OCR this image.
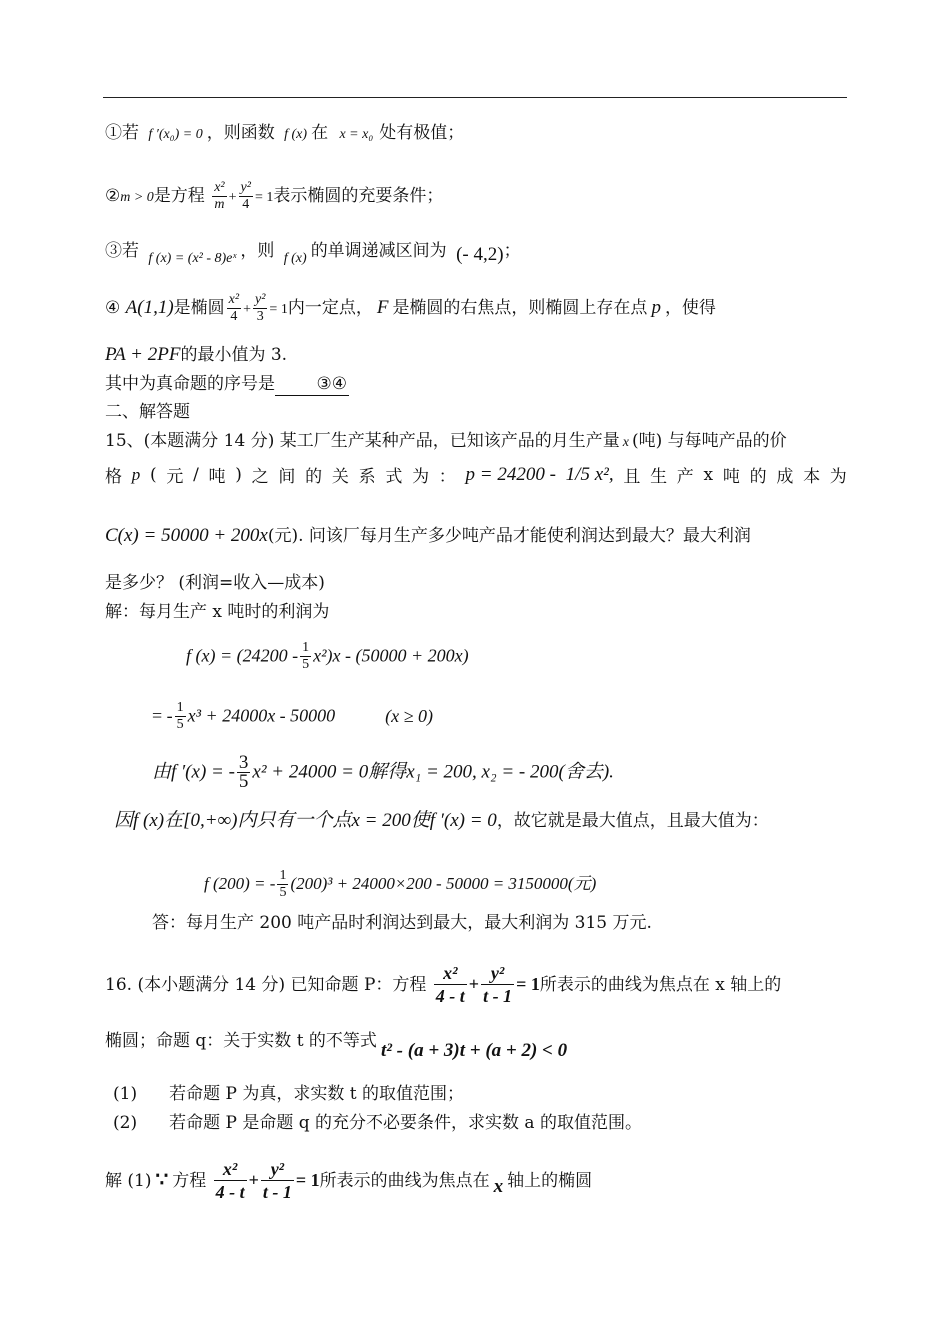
①若 f ′(x₀) = 0 ，则函数 f (x) 在 x = x₀ 处有极值；
②m > 0是方程 $\frac{\text{x²}}{m} + \frac{\text{y²}}{4} = 1$表示椭圆的充要条件；
③若 $_{f (x) = (x^2 - 8)eˣ}$ ，则 $_{f (x)}$ 的单调递减区间为 (- 4,2)；
④ A(1,1)是椭圆 $\frac{\text{x²}}{4} + \frac{\text{y²}}{3} = 1$内一定点， F 是椭圆的右焦点，则椭圆上存在点 p ，使得
PA + 2PF的最小值为 3.
其中为真命题的序号是 ③④
二、解答题
15、(本题满分 14 分) 某工厂生产某种产品，已知该产品的月生产量 x (吨) 与每吨产品的价
格 p ( 元 / 吨 ) 之 间 的 关 系 式 为 ： p = 24200 - 1/5 x², 且 生 产 x 吨 的 成 本 为
C(x) = 50000 + 200x(元). 问该厂每月生产多少吨产品才能使利润达到最大？最大利润
是多少？ (利润=收入—成本)
解：每月生产 x 吨时的利润为
f $(x) = (24200 - \frac{1}{5} x^2)x - (50000 + 200x)$
= - $\frac{1}{5} x^3 + 24000x - 50000$	(x ≥ 0)
由f ′(x) = - $\frac{3}{5} x^2 + 24000 = 0$解得x₁ = 200, x₂ = - 200(舍去).
因f (x)在[0,+∞)内只有一个点x = 200使f ′(x) = 0，故它就是最大值点，且最大值为：
f (200) = - $\frac{1}{5} (200)^3 + 24000\times 200 - 50000 = 3150000$(元)
答：每月生产 200 吨产品时利润达到最大，最大利润为 315 万元.
16. (本小题满分 14 分) 已知命题 P：方程 $\frac{\text{x²}}{4 - t} + \frac{\text{y²}}{t - 1} = 1$所表示的曲线为焦点在 x 轴上的
椭圆；命题 q：关于实数 t 的不等式 t² - (a + 3)t + (a + 2) < 0
(1) 若命题 P 为真，求实数 t 的取值范围；
(2) 若命题 P 是命题 q 的充分不必要条件，求实数 a 的取值范围。
解 (1) ∵ 方程 $\frac{\text{x²}}{4 - t} + \frac{\text{y²}}{t - 1} = 1$所表示的曲线为焦点在 x 轴上的椭圆
